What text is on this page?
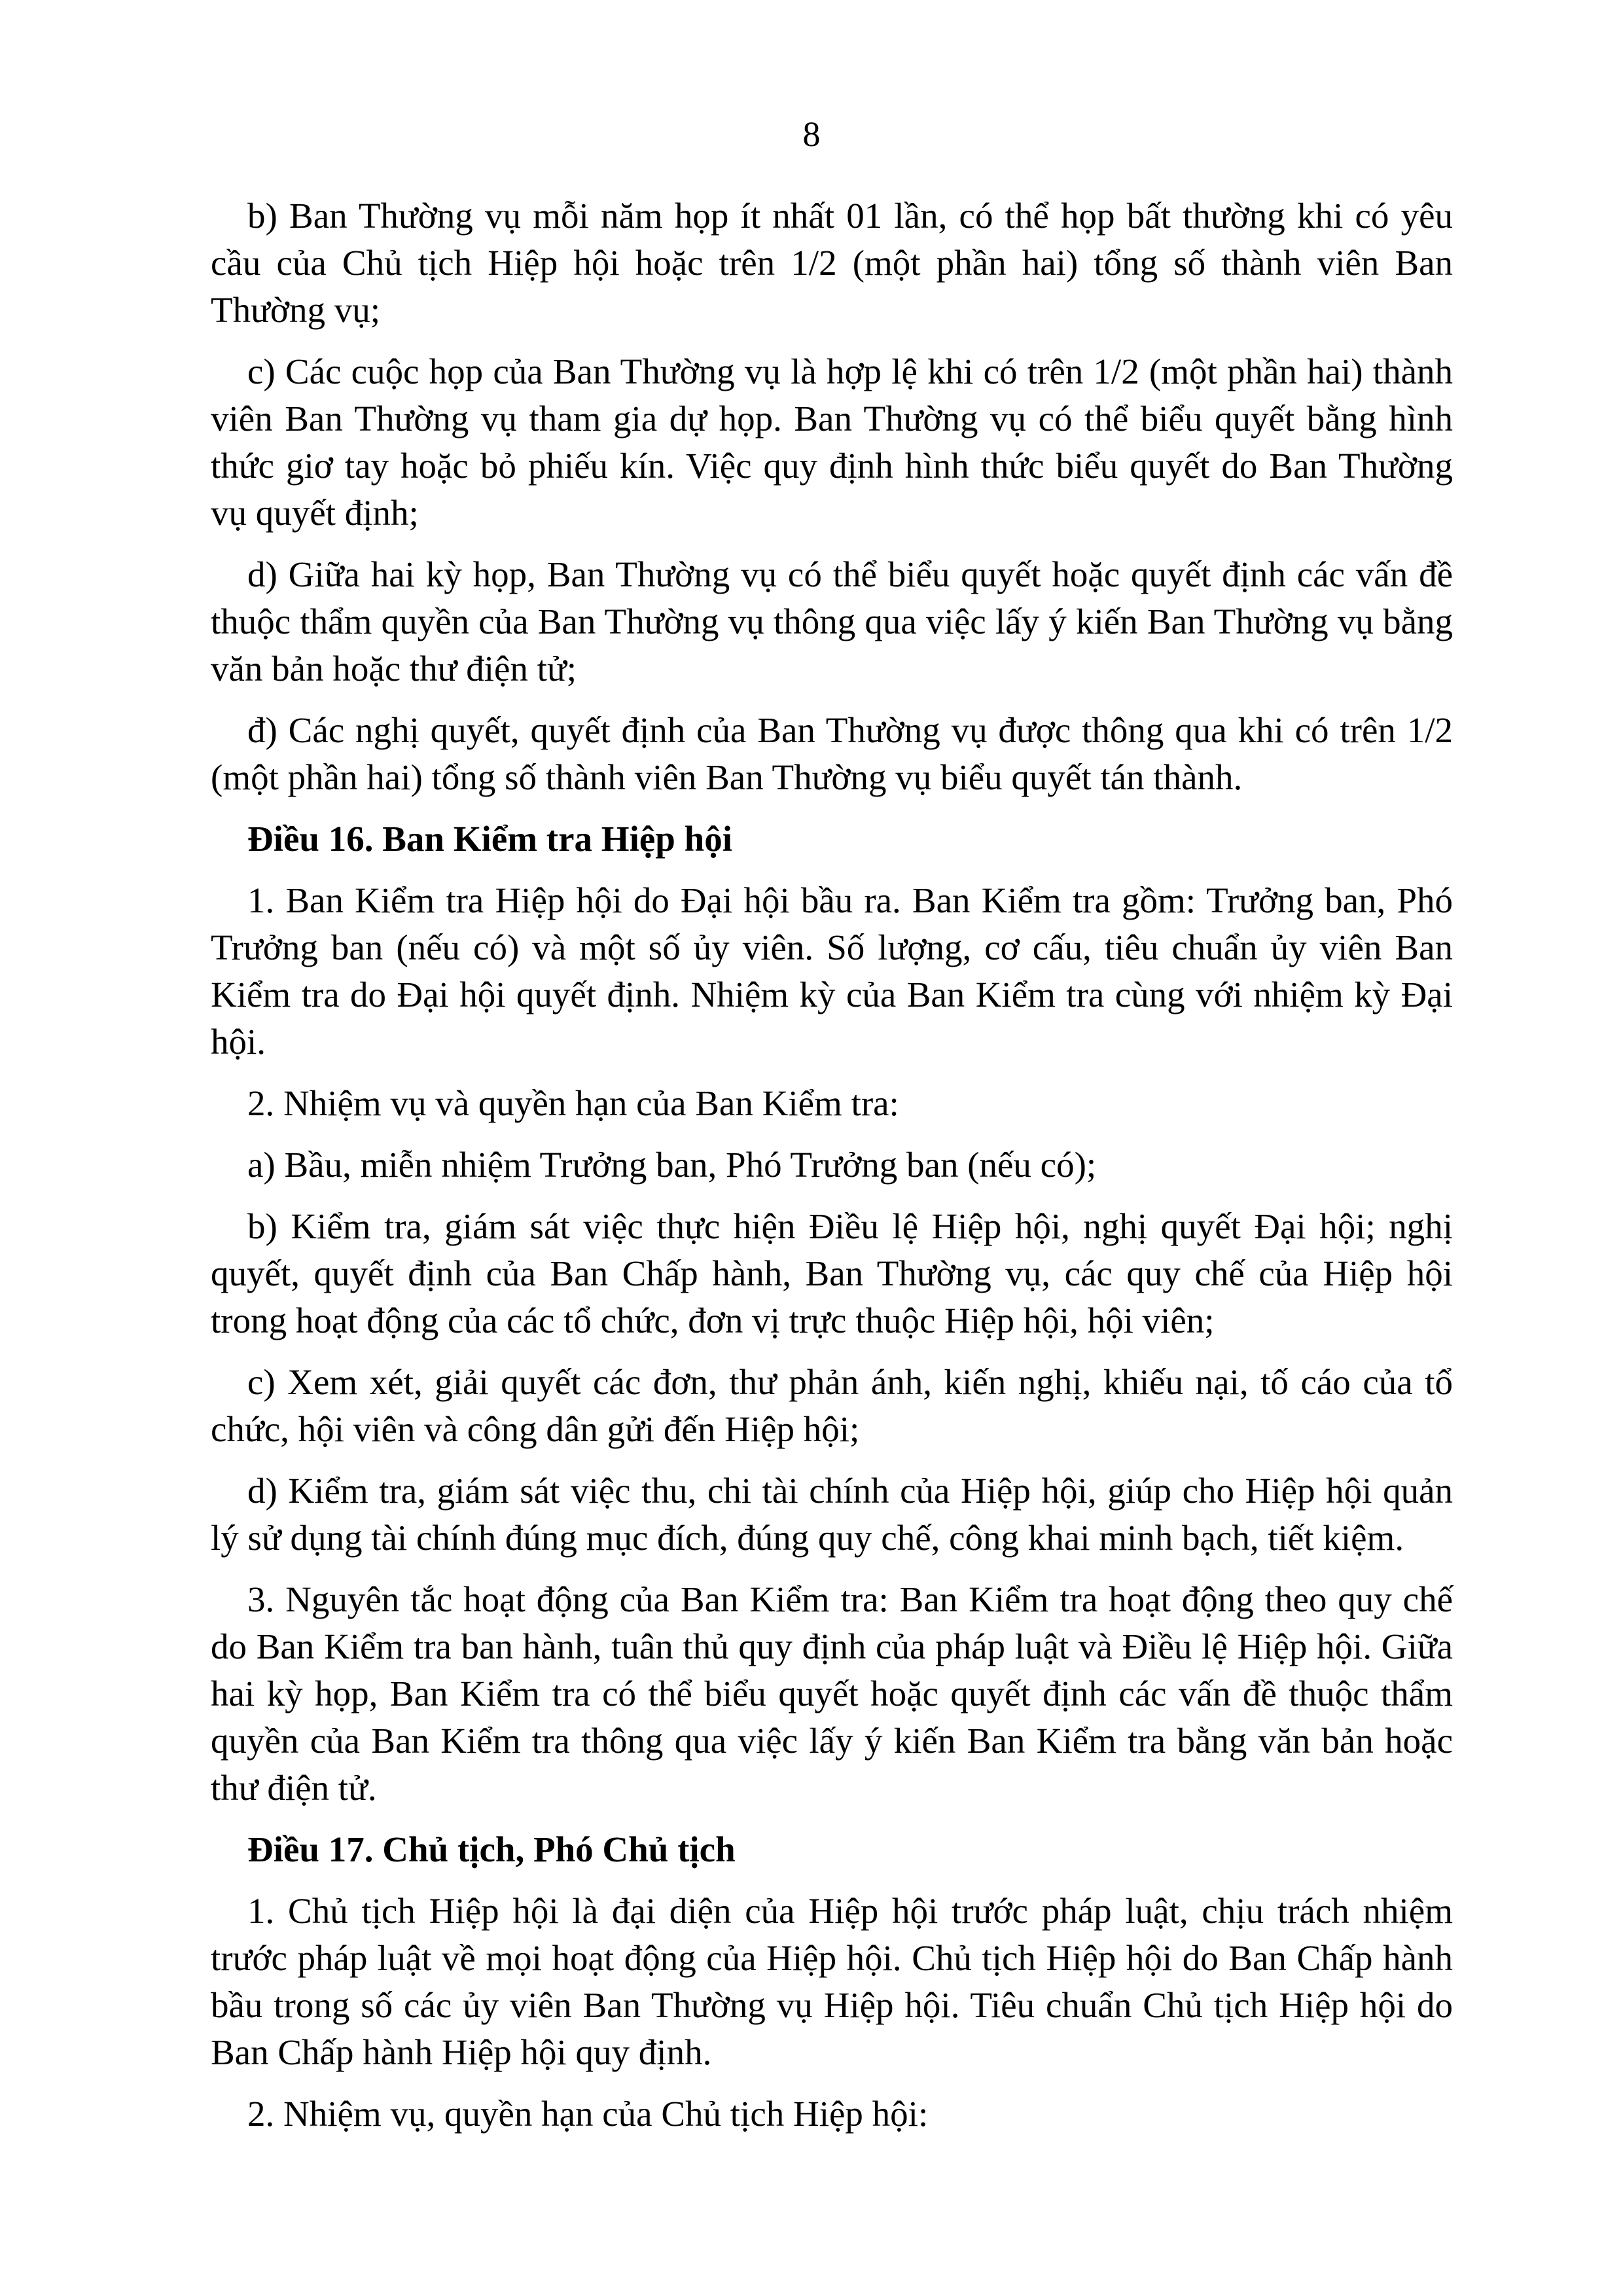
8

b) Ban Thường vụ mỗi năm họp ít nhất 01 lần, có thể họp bất thường khi có yêu cầu của Chủ tịch Hiệp hội hoặc trên 1/2 (một phần hai) tổng số thành viên Ban Thường vụ;

c) Các cuộc họp của Ban Thường vụ là hợp lệ khi có trên 1/2 (một phần hai) thành viên Ban Thường vụ tham gia dự họp. Ban Thường vụ có thể biểu quyết bằng hình thức giơ tay hoặc bỏ phiếu kín. Việc quy định hình thức biểu quyết do Ban Thường vụ quyết định;

d) Giữa hai kỳ họp, Ban Thường vụ có thể biểu quyết hoặc quyết định các vấn đề thuộc thẩm quyền của Ban Thường vụ thông qua việc lấy ý kiến Ban Thường vụ bằng văn bản hoặc thư điện tử;

đ) Các nghị quyết, quyết định của Ban Thường vụ được thông qua khi có trên 1/2 (một phần hai) tổng số thành viên Ban Thường vụ biểu quyết tán thành.

Điều 16. Ban Kiểm tra Hiệp hội

1. Ban Kiểm tra Hiệp hội do Đại hội bầu ra. Ban Kiểm tra gồm: Trưởng ban, Phó Trưởng ban (nếu có) và một số ủy viên. Số lượng, cơ cấu, tiêu chuẩn ủy viên Ban Kiểm tra do Đại hội quyết định. Nhiệm kỳ của Ban Kiểm tra cùng với nhiệm kỳ Đại hội.

2. Nhiệm vụ và quyền hạn của Ban Kiểm tra:

a) Bầu, miễn nhiệm Trưởng ban, Phó Trưởng ban (nếu có);

b) Kiểm tra, giám sát việc thực hiện Điều lệ Hiệp hội, nghị quyết Đại hội; nghị quyết, quyết định của Ban Chấp hành, Ban Thường vụ, các quy chế của Hiệp hội trong hoạt động của các tổ chức, đơn vị trực thuộc Hiệp hội, hội viên;

c) Xem xét, giải quyết các đơn, thư phản ánh, kiến nghị, khiếu nại, tố cáo của tổ chức, hội viên và công dân gửi đến Hiệp hội;

d) Kiểm tra, giám sát việc thu, chi tài chính của Hiệp hội, giúp cho Hiệp hội quản lý sử dụng tài chính đúng mục đích, đúng quy chế, công khai minh bạch, tiết kiệm.

3. Nguyên tắc hoạt động của Ban Kiểm tra: Ban Kiểm tra hoạt động theo quy chế do Ban Kiểm tra ban hành, tuân thủ quy định của pháp luật và Điều lệ Hiệp hội. Giữa hai kỳ họp, Ban Kiểm tra có thể biểu quyết hoặc quyết định các vấn đề thuộc thẩm quyền của Ban Kiểm tra thông qua việc lấy ý kiến Ban Kiểm tra bằng văn bản hoặc thư điện tử.

Điều 17. Chủ tịch, Phó Chủ tịch

1. Chủ tịch Hiệp hội là đại diện của Hiệp hội trước pháp luật, chịu trách nhiệm trước pháp luật về mọi hoạt động của Hiệp hội. Chủ tịch Hiệp hội do Ban Chấp hành bầu trong số các ủy viên Ban Thường vụ Hiệp hội. Tiêu chuẩn Chủ tịch Hiệp hội do Ban Chấp hành Hiệp hội quy định.

2. Nhiệm vụ, quyền hạn của Chủ tịch Hiệp hội:
